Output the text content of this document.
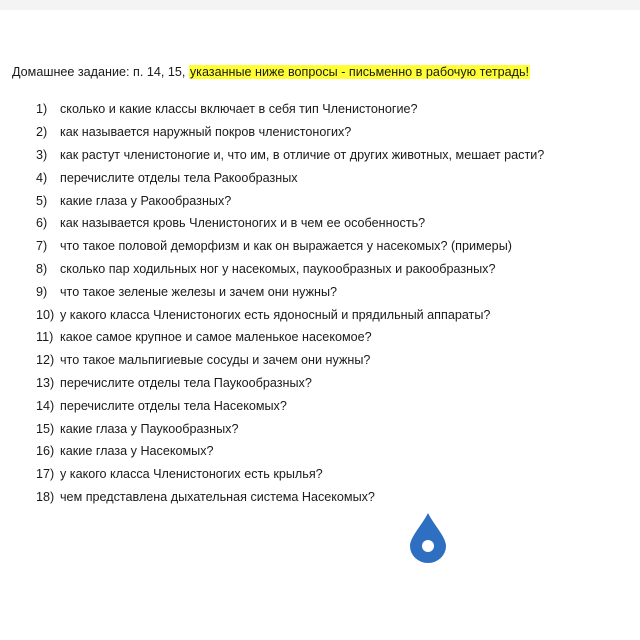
Домашнее задание: п. 14, 15, указанные ниже вопросы - письменно в рабочую тетрадь!
1)	сколько и какие классы включает в себя тип Членистоногие?
2)	как называется наружный покров членистоногих?
3)	как растут членистоногие и, что им, в отличие от других животных, мешает расти?
4)	перечислите отделы тела Ракообразных
5)	какие глаза у Ракообразных?
6)	как называется кровь Членистоногих и в чем ее особенность?
7)	что такое половой деморфизм и как он выражается у насекомых? (примеры)
8)	сколько пар ходильных ног у насекомых, паукообразных и ракообразных?
9)	что такое зеленые железы и зачем они нужны?
10) у какого класса Членистоногих есть ядоносный и прядильный аппараты?
11) какое самое крупное и самое маленькое насекомое?
12) что такое мальпигиевые сосуды и зачем они нужны?
13) перечислите отделы тела Паукообразных?
14) перечислите отделы тела Насекомых?
15) какие глаза у Паукообразных?
16) какие глаза у Насекомых?
17) у какого класса Членистоногих есть крылья?
18) чем представлена дыхательная система Насекомых?
